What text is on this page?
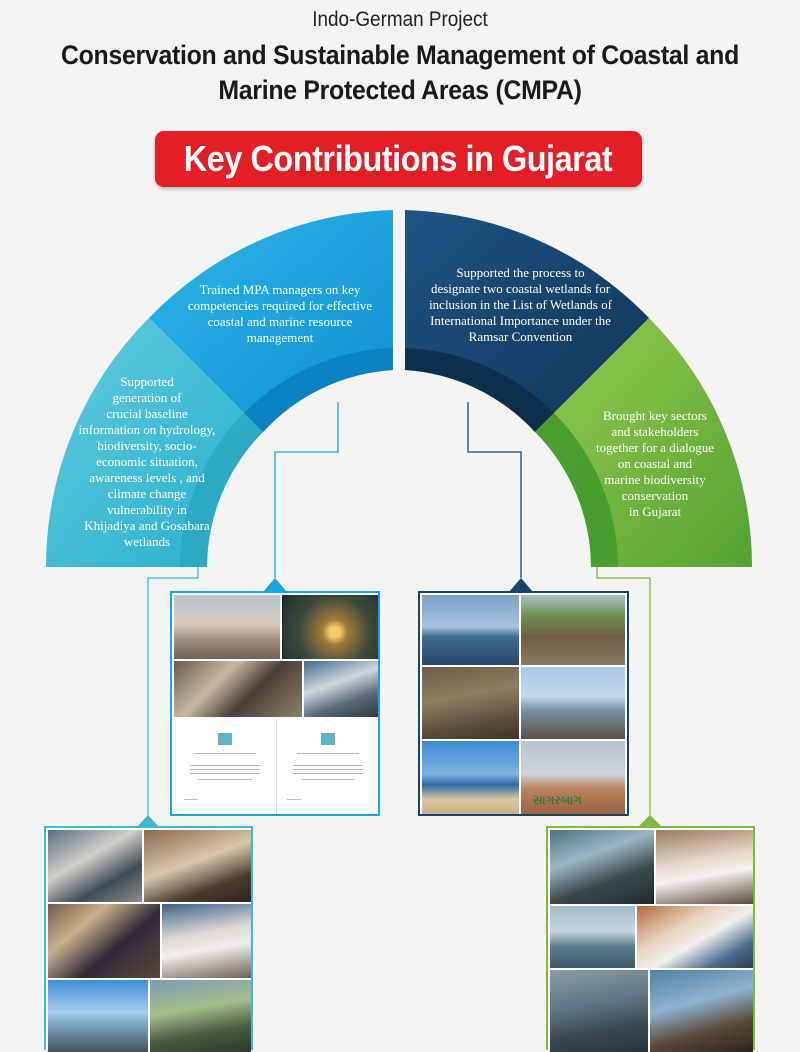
Indo-German Project
Conservation and Sustainable Management of Coastal and
Marine Protected Areas (CMPA)
Key Contributions in Gujarat
Supported
generation of
crucial baseline
information on hydrology,
biodiversity, socio-
economic situation,
awareness levels , and
climate change
vulnerability in
Khijadiya and Gosabara
wetlands
Trained MPA managers on key
competencies required for effective
coastal and marine resource
management
Supported the process to
designate two coastal wetlands for
inclusion in the List of Wetlands of
International Importance under the
Ramsar Convention
Brought key sectors
and stakeholders
together for a dialogue
on coastal and
marine biodiversity
conservation
in Gujarat
સાગરબાગ
